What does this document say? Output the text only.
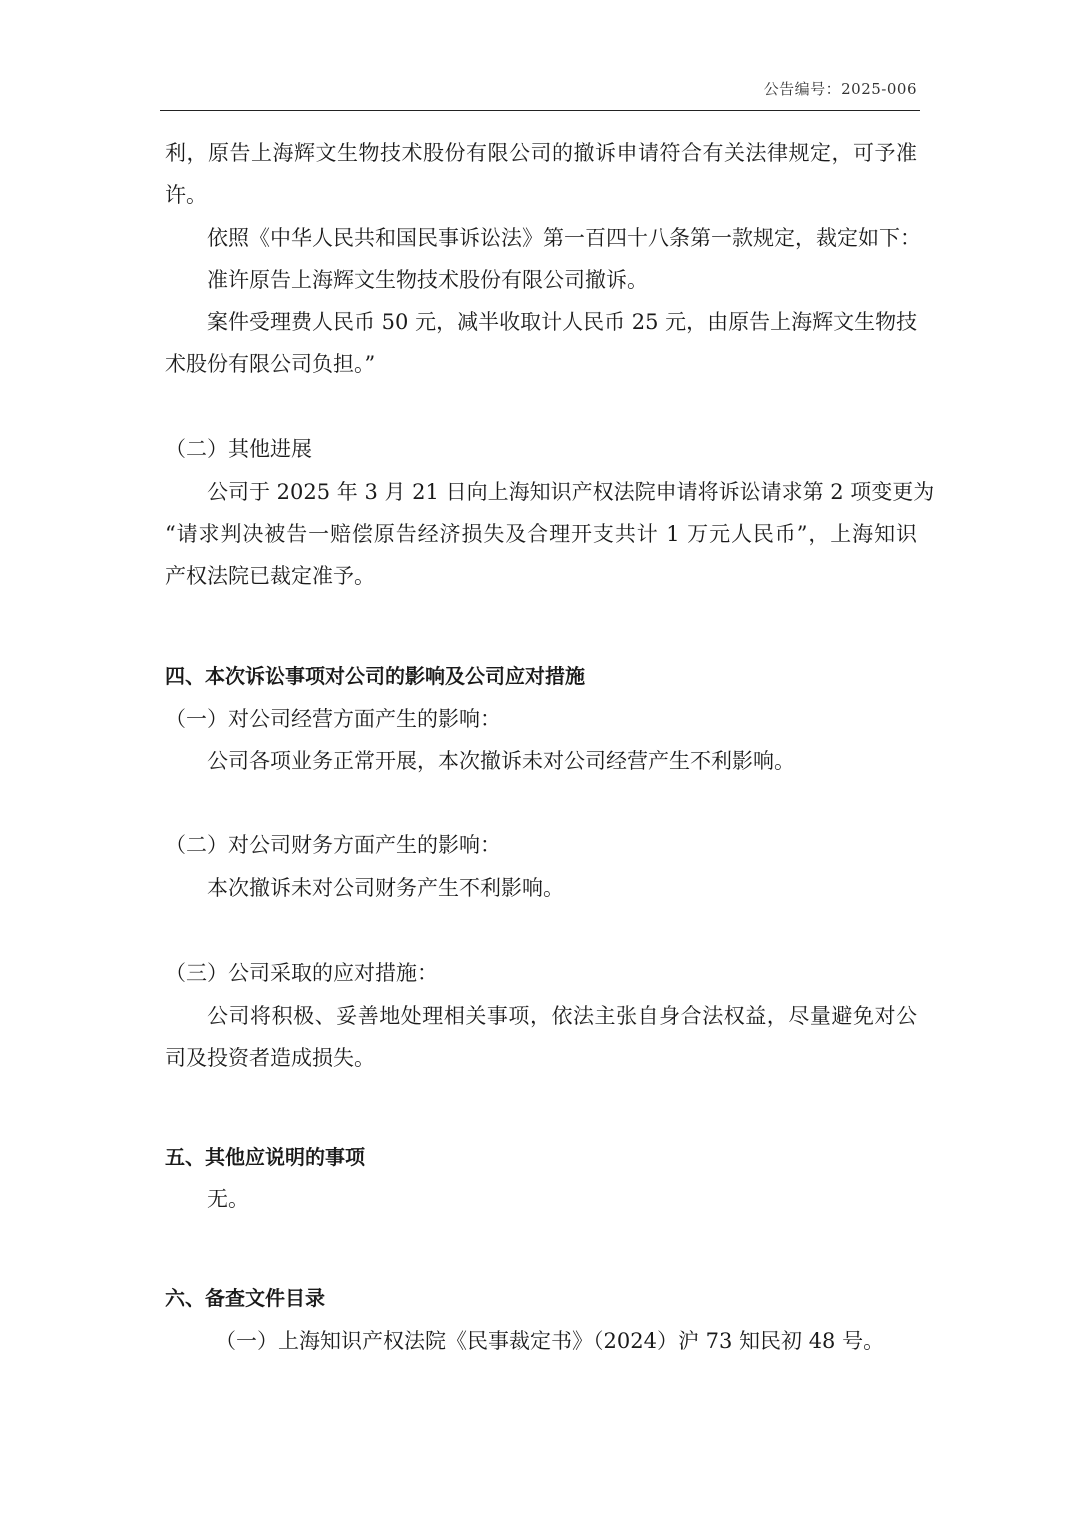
公告编号：2025-006
利，原告上海辉文生物技术股份有限公司的撤诉申请符合有关法律规定，可予准
许。
依照《中华人民共和国民事诉讼法》第一百四十八条第一款规定，裁定如下：
准许原告上海辉文生物技术股份有限公司撤诉。
案件受理费人民币 50 元，减半收取计人民币 25 元，由原告上海辉文生物技
术股份有限公司负担。”
（二）其他进展
公司于 2025 年 3 月 21 日向上海知识产权法院申请将诉讼请求第 2 项变更为
“请求判决被告一赔偿原告经济损失及合理开支共计 1 万元人民币”，上海知识
产权法院已裁定准予。
四、本次诉讼事项对公司的影响及公司应对措施
（一）对公司经营方面产生的影响：
公司各项业务正常开展，本次撤诉未对公司经营产生不利影响。
（二）对公司财务方面产生的影响：
本次撤诉未对公司财务产生不利影响。
（三）公司采取的应对措施：
公司将积极、妥善地处理相关事项，依法主张自身合法权益，尽量避免对公
司及投资者造成损失。
五、其他应说明的事项
无。
六、备查文件目录
（一）上海知识产权法院《民事裁定书》（2024）沪 73 知民初 48 号。
